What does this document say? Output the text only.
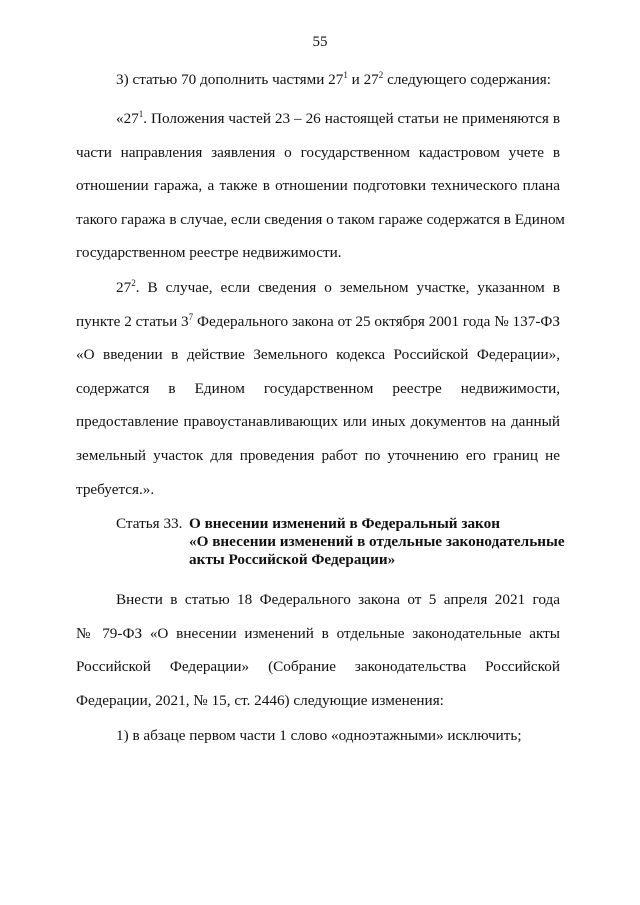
55

3) статью 70 дополнить частями $27^1$ и $27^2$ следующего содержания:

«$27^1$. Положения частей 23 – 26 настоящей статьи не применяются в
части направления заявления о государственном кадастровом учете в
отношении гаража, а также в отношении подготовки технического плана
такого гаража в случае, если сведения о таком гараже содержатся в Едином
государственном реестре недвижимости.
$27^2$. В случае, если сведения о земельном участке, указанном в
пункте 2 статьи $3^7$ Федерального закона от 25 октября 2001 года № 137-ФЗ
«О введении в действие Земельного кодекса Российской Федерации»,
содержатся в Едином государственном реестре недвижимости,
предоставление правоустанавливающих или иных документов на данный
земельный участок для проведения работ по уточнению его границ не
требуется.».
Статья 33. О внесении изменений в Федеральный закон
«О внесении изменений в отдельные законодательные
акты Российской Федерации»
Внести в статью 18 Федерального закона от 5 апреля 2021 года
№ 79-ФЗ «О внесении изменений в отдельные законодательные акты
Российской Федерации» (Собрание законодательства Российской
Федерации, 2021, № 15, ст. 2446) следующие изменения:

1) в абзаце первом части 1 слово «одноэтажными» исключить;
